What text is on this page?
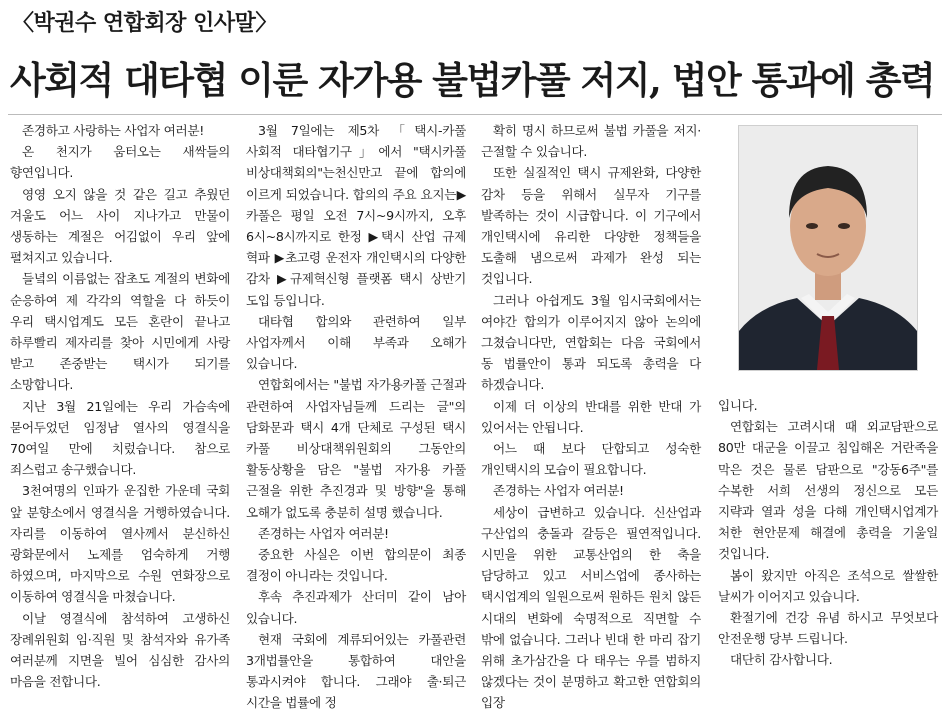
〈박권수 연합회장 인사말〉
사회적 대타협 이룬 자가용 불법카풀 저지, 법안 통과에 총력

존경하고 사랑하는 사업자 여러분!

온 천지가 움터오는 새싹들의 향연입니다.

영영 오지 않을 것 같은 길고 추웠던 겨울도 어느 사이 지나가고 만물이 생동하는 계절은 어김없이 우리 앞에 펼쳐지고 있습니다.

들녘의 이름없는 잡초도 계절의 변화에 순응하여 제 각각의 역할을 다 하듯이 우리 택시업계도 모든 혼란이 끝나고 하루빨리 제자리를 찾아 시민에게 사랑 받고 존중받는 택시가 되기를 소망합니다.

지난 3월 21일에는 우리 가슴속에 묻어두었던 임정남 열사의 영결식을 70여일 만에 치렀습니다. 참으로 죄스럽고 송구했습니다.

3천여명의 인파가 운집한 가운데 국회 앞 분향소에서 영결식을 거행하였습니다. 자리를 이동하여 열사께서 분신하신 광화문에서 노제를 엄숙하게 거행 하였으며, 마지막으로 수원 연화장으로 이동하여 영결식을 마쳤습니다.

이날 영결식에 참석하여 고생하신 장례위원회 임·직원 및 참석자와 유가족 여러분께 지면을 빌어 심심한 감사의 마음을 전합니다.

3월 7일에는 제5차 「택시-카풀 사회적 대타협기구」에서 "택시카풀 비상대책회의"는천신만고 끝에 합의에 이르게 되었습니다. 합의의 주요 요지는▶카풀은 평일 오전 7시~9시까지, 오후 6시~8시까지로 한정 ▶택시 산업 규제 혁파 ▶초고령 운전자 개인택시의 다양한 감차 ▶규제혁신형 플랫폼 택시 상반기 도입 등입니다.

대타협 합의와 관련하여 일부 사업자께서 이해 부족과 오해가 있습니다.

연합회에서는 "불법 자가용카풀 근절과 관련하여 사업자님들께 드리는 글"의 담화문과 택시 4개 단체로 구성된 택시 카풀 비상대책위원회의 그동안의 활동상황을 담은 "불법 자가용 카풀 근절을 위한 추진경과 및 방향"을 통해 오해가 없도록 충분히 설명 했습니다.

존경하는 사업자 여러분!

중요한 사실은 이번 합의문이 최종 결정이 아니라는 것입니다.

후속 추진과제가 산더미 같이 남아 있습니다.

현재 국회에 계류되어있는 카풀관련 3개법률안을 통합하여 대안을 통과시켜야 합니다. 그래야 출·퇴근 시간을 법률에 정

확히 명시 하므로써 불법 카풀을 저지·근절할 수 있습니다.

또한 실질적인 택시 규제완화, 다양한 감차 등을 위해서 실무자 기구를 발족하는 것이 시급합니다. 이 기구에서 개인택시에 유리한 다양한 정책들을 도출해 냄으로써 과제가 완성 되는 것입니다.

그러나 아쉽게도 3월 임시국회에서는 여야간 합의가 이루어지지 않아 논의에 그쳤습니다만, 연합회는 다음 국회에서 동 법률안이 통과 되도록 총력을 다 하겠습니다.

이제 더 이상의 반대를 위한 반대 가 있어서는 안됩니다.

어느 때 보다 단합되고 성숙한 개인택시의 모습이 필요합니다.

존경하는 사업자 여러분!

세상이 급변하고 있습니다. 신산업과 구산업의 충돌과 갈등은 필연적입니다. 시민을 위한 교통산업의 한 축을 담당하고 있고 서비스업에 종사하는 택시업계의 일원으로써 원하든 원치 않든 시대의 변화에 숙명적으로 직면할 수 밖에 없습니다. 그러나 빈대 한 마리 잡기 위해 초가삼간을 다 태우는 우를 범하지 않겠다는 것이 분명하고 확고한 연합회의 입장

입니다.

연합회는 고려시대 때 외교담판으로 80만 대군을 이끌고 침입해온 거란족을 막은 것은 물론 담판으로 "강동6주"를 수복한 서희 선생의 정신으로 모든 지략과 열과 성을 다해 개인택시업계가 처한 현안문제 해결에 총력을 기울일 것입니다.

봄이 왔지만 아직은 조석으로 쌀쌀한 날씨가 이어지고 있습니다.

환절기에 건강 유념 하시고 무엇보다 안전운행 당부 드립니다.

대단히 감사합니다.
